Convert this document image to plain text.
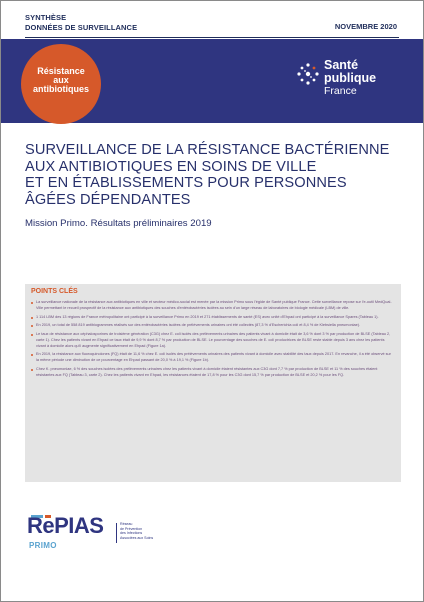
SYNTHÈSE
DONNÉES DE SURVEILLANCE	NOVEMBRE 2020
Résistance
aux
antibiotiques
Santé
publique
France
SURVEILLANCE DE LA RÉSISTANCE BACTÉRIENNE
AUX ANTIBIOTIQUES EN SOINS DE VILLE
ET EN ÉTABLISSEMENTS POUR PERSONNES
ÂGÉES DÉPENDANTES
Mission Primo. Résultats préliminaires 2019
POINTS CLÉS
La surveillance nationale de la résistance aux antibiotiques en ville et secteur médico-social est menée par la mission Primo sous l'égide de Santé publique France. Cette surveillance repose sur l'e-outil MedQual-Ville permettant le recueil prospectif de la résistance aux antibiotiques des souches d'entérobactéries isolées au sein d'un large réseau de laboratoires de biologie médicale (LBM) de ville.
1 114 LBM des 13 régions de France métropolitaine ont participé à la surveillance Primo en 2019 et 271 établissements de santé (ES) avec unité d'Ehpad ont participé à la surveillance Spares (Tableau 1).
En 2019, un total de 558 819 antibiogrammes réalisés sur des entérobactéries isolées de prélèvements urinaires ont été collectés (87,3 % d'Escherichia coli et 8,4 % de Klebsiella pneumoniae).
Le taux de résistance aux céphalosporines de troisième génération (C3G) chez E. coli isolés des prélèvements urinaires des patients vivant à domicile était de 3,6 % dont 3 % par production de BLSE (Tableau 2, carte 1). Chez les patients vivant en Ehpad ce taux était de 9,9 % dont 8,7 % par production de BLSE. Le pourcentage des souches de E. coli productrices de BLSE reste stable depuis 3 ans chez les patients vivant à domicile alors qu'il augmente significativement en Ehpad (Figure 1a).
En 2019, la résistance aux fluoroquinolones (FQ) était de 11,6 % chez E. coli isolés des prélèvements urinaires des patients vivant à domicile avec stabilité des taux depuis 2017. En revanche, il a été observé sur la même période une diminution de ce pourcentage en Ehpad passant de 20,0 % à 19,1 % (Figure 1b).
Chez K. pneumoniae, 6 % des souches isolées des prélèvements urinaires chez les patients vivant à domicile étaient résistantes aux C3G dont 7,7 % par production de BLSE et 11 % des souches étaient résistantes aux FQ (Tableau 3, carte 2). Chez les patients vivant en Ehpad, les résistances étaient de 17,8 % pour les C3G dont 15,7 % par production de BLSE et 20,2 % pour les FQ.
RePIAS
PRIMO
Réseau
de Prévention
des Infections
Associées aux Soins
